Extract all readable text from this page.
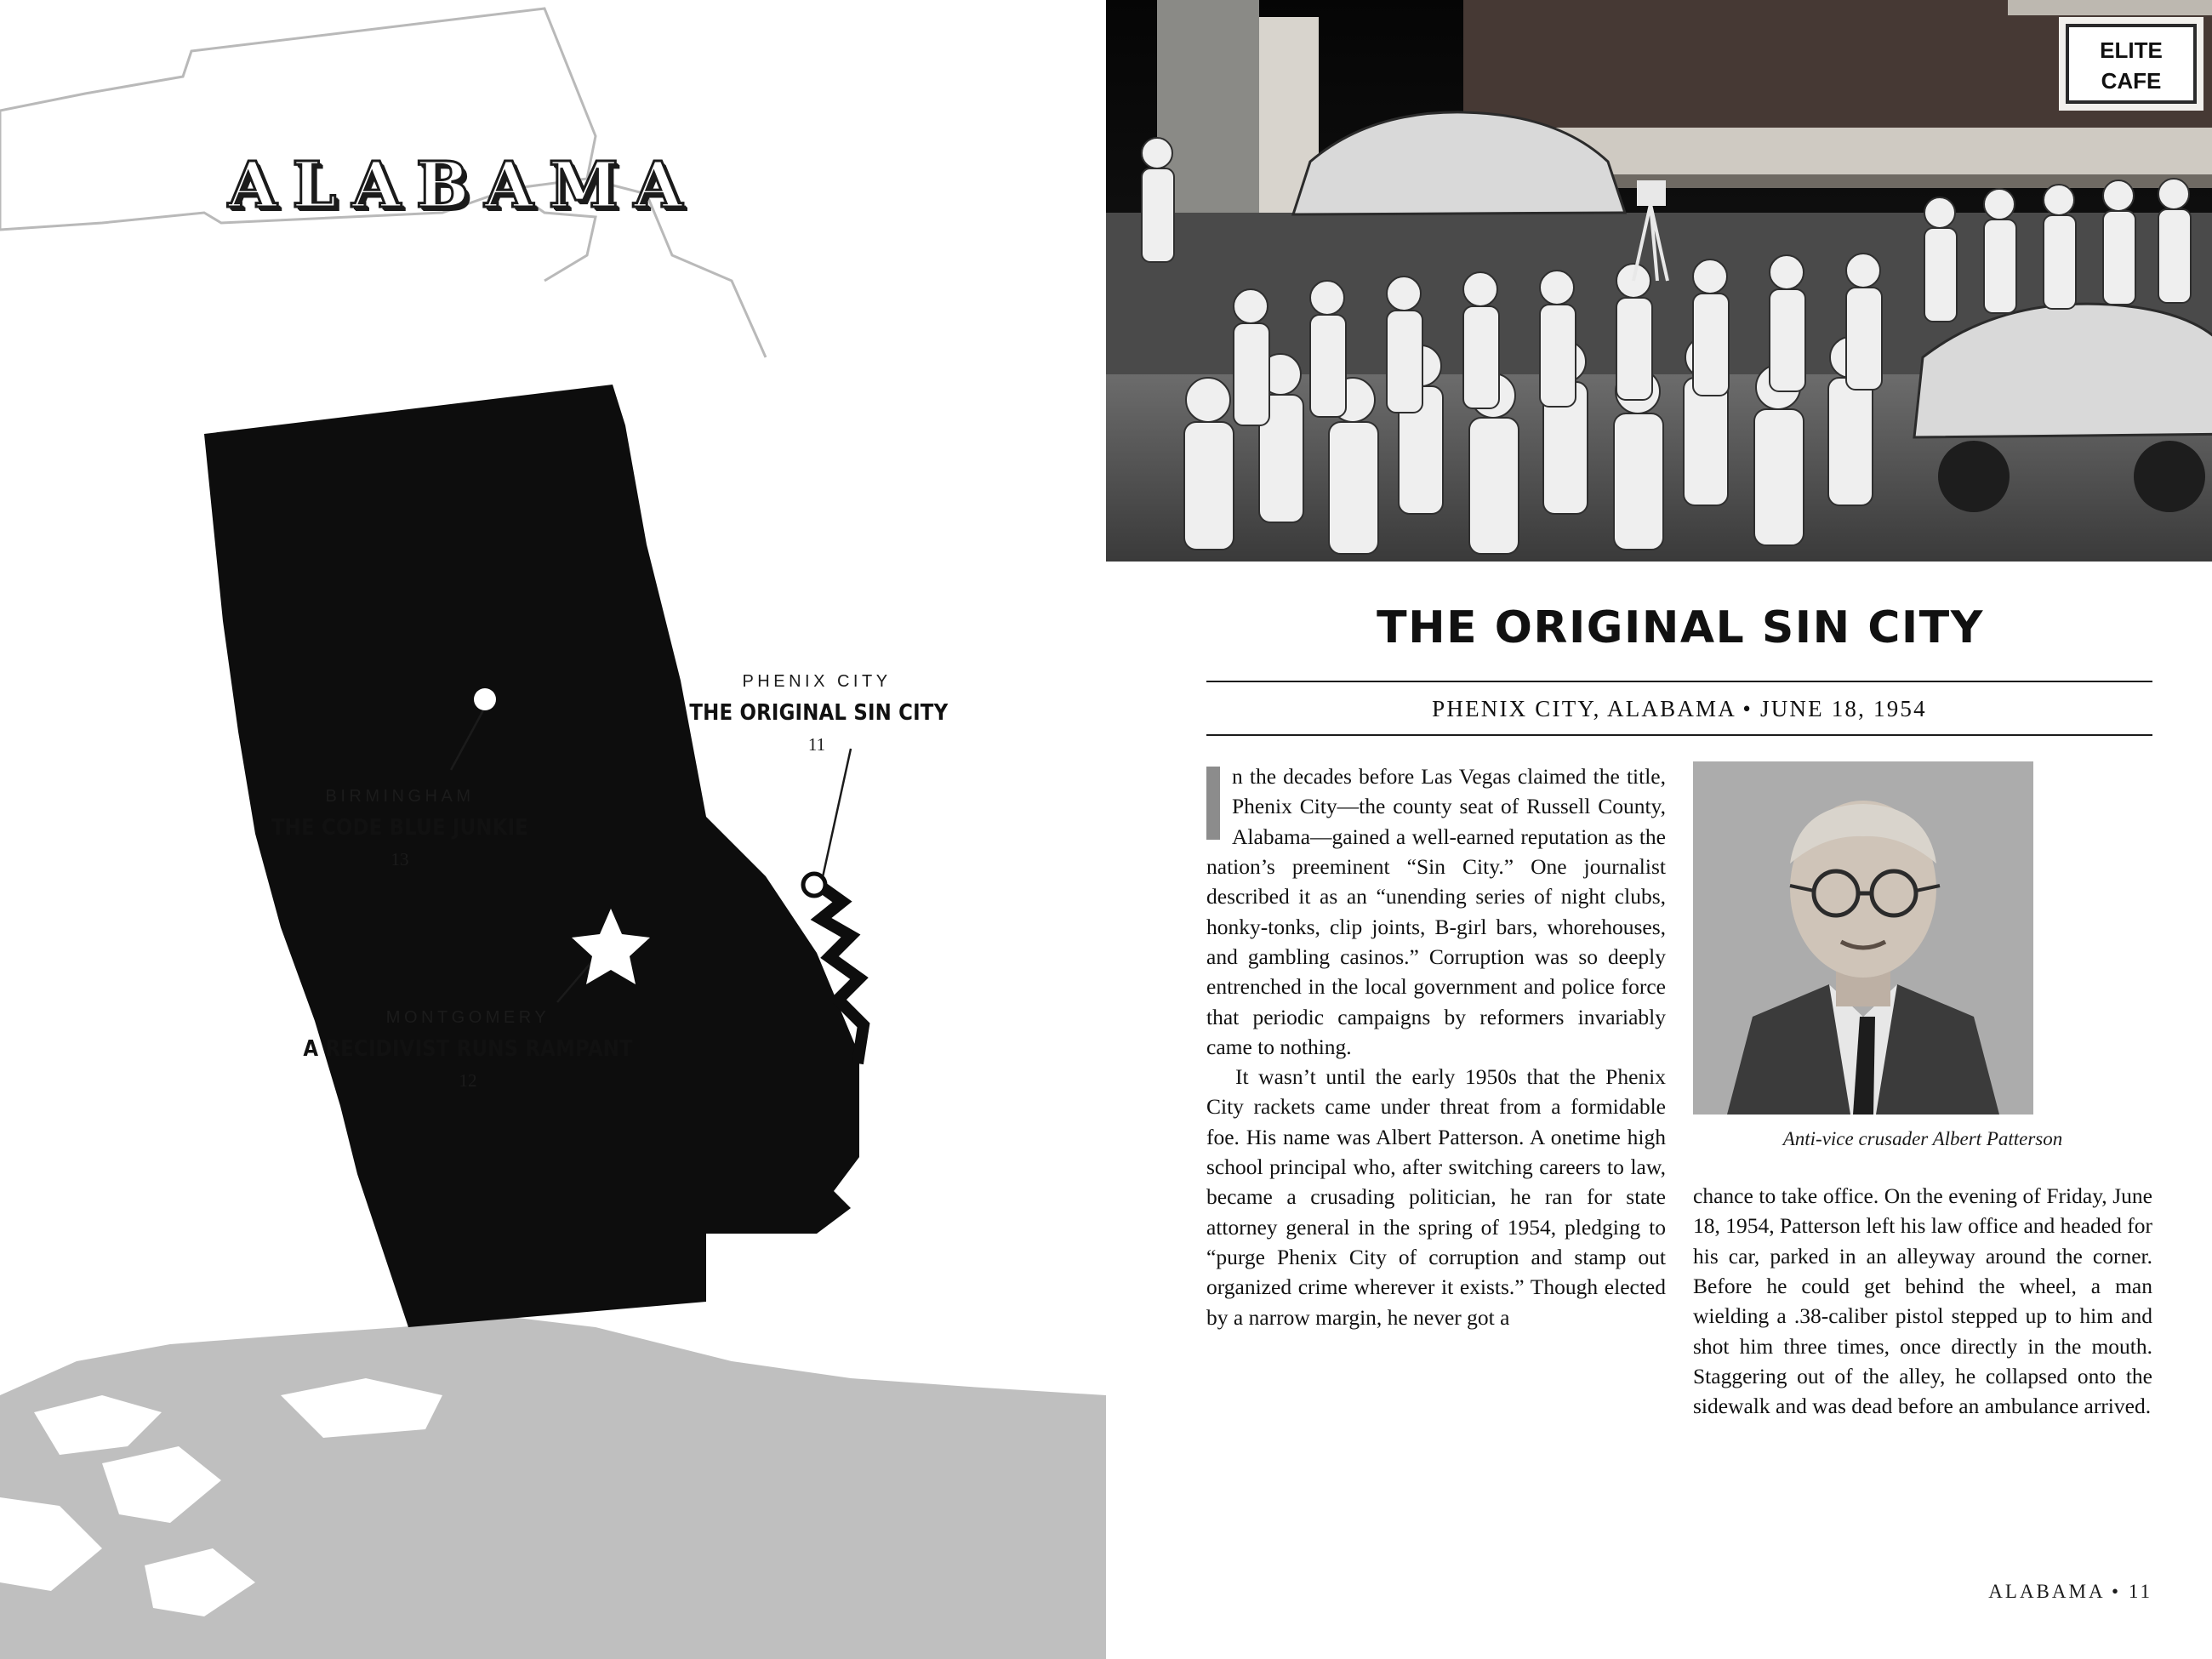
ALABAMA
PHENIX CITY
THE ORIGINAL SIN CITY
11
BIRMINGHAM
THE CODE BLUE JUNKIE
13
MONTGOMERY
A RECIDIVIST RUNS RAMPANT
12
ELITE
CAFE
THE ORIGINAL SIN CITY
PHENIX CITY, ALABAMA • JUNE 18, 1954

n the decades before Las Vegas claimed the title, Phenix City—the county seat of Russell County, Alabama—gained a well-earned reputation as the nation’s preeminent “Sin City.” One journalist described it as an “unending series of night clubs, honky-tonks, clip joints, B-girl bars, whorehouses, and gambling casinos.” Corruption was so deeply entrenched in the local government and police force that periodic campaigns by reformers invariably came to nothing.

It wasn’t until the early 1950s that the Phenix City rackets came under threat from a formidable foe. His name was Albert Patterson. A onetime high school principal who, after switching careers to law, became a crusading politician, he ran for state attorney general in the spring of 1954, pledging to “purge Phenix City of corruption and stamp out organized crime wherever it exists.” Though elected by a narrow margin, he never got a

Anti-vice crusader Albert Patterson

chance to take office. On the evening of Friday, June 18, 1954, Patterson left his law office and headed for his car, parked in an alleyway around the corner. Before he could get behind the wheel, a man wielding a .38-caliber pistol stepped up to him and shot him three times, once directly in the mouth. Staggering out of the alley, he collapsed onto the sidewalk and was dead before an ambulance arrived.

ALABAMA • 11
